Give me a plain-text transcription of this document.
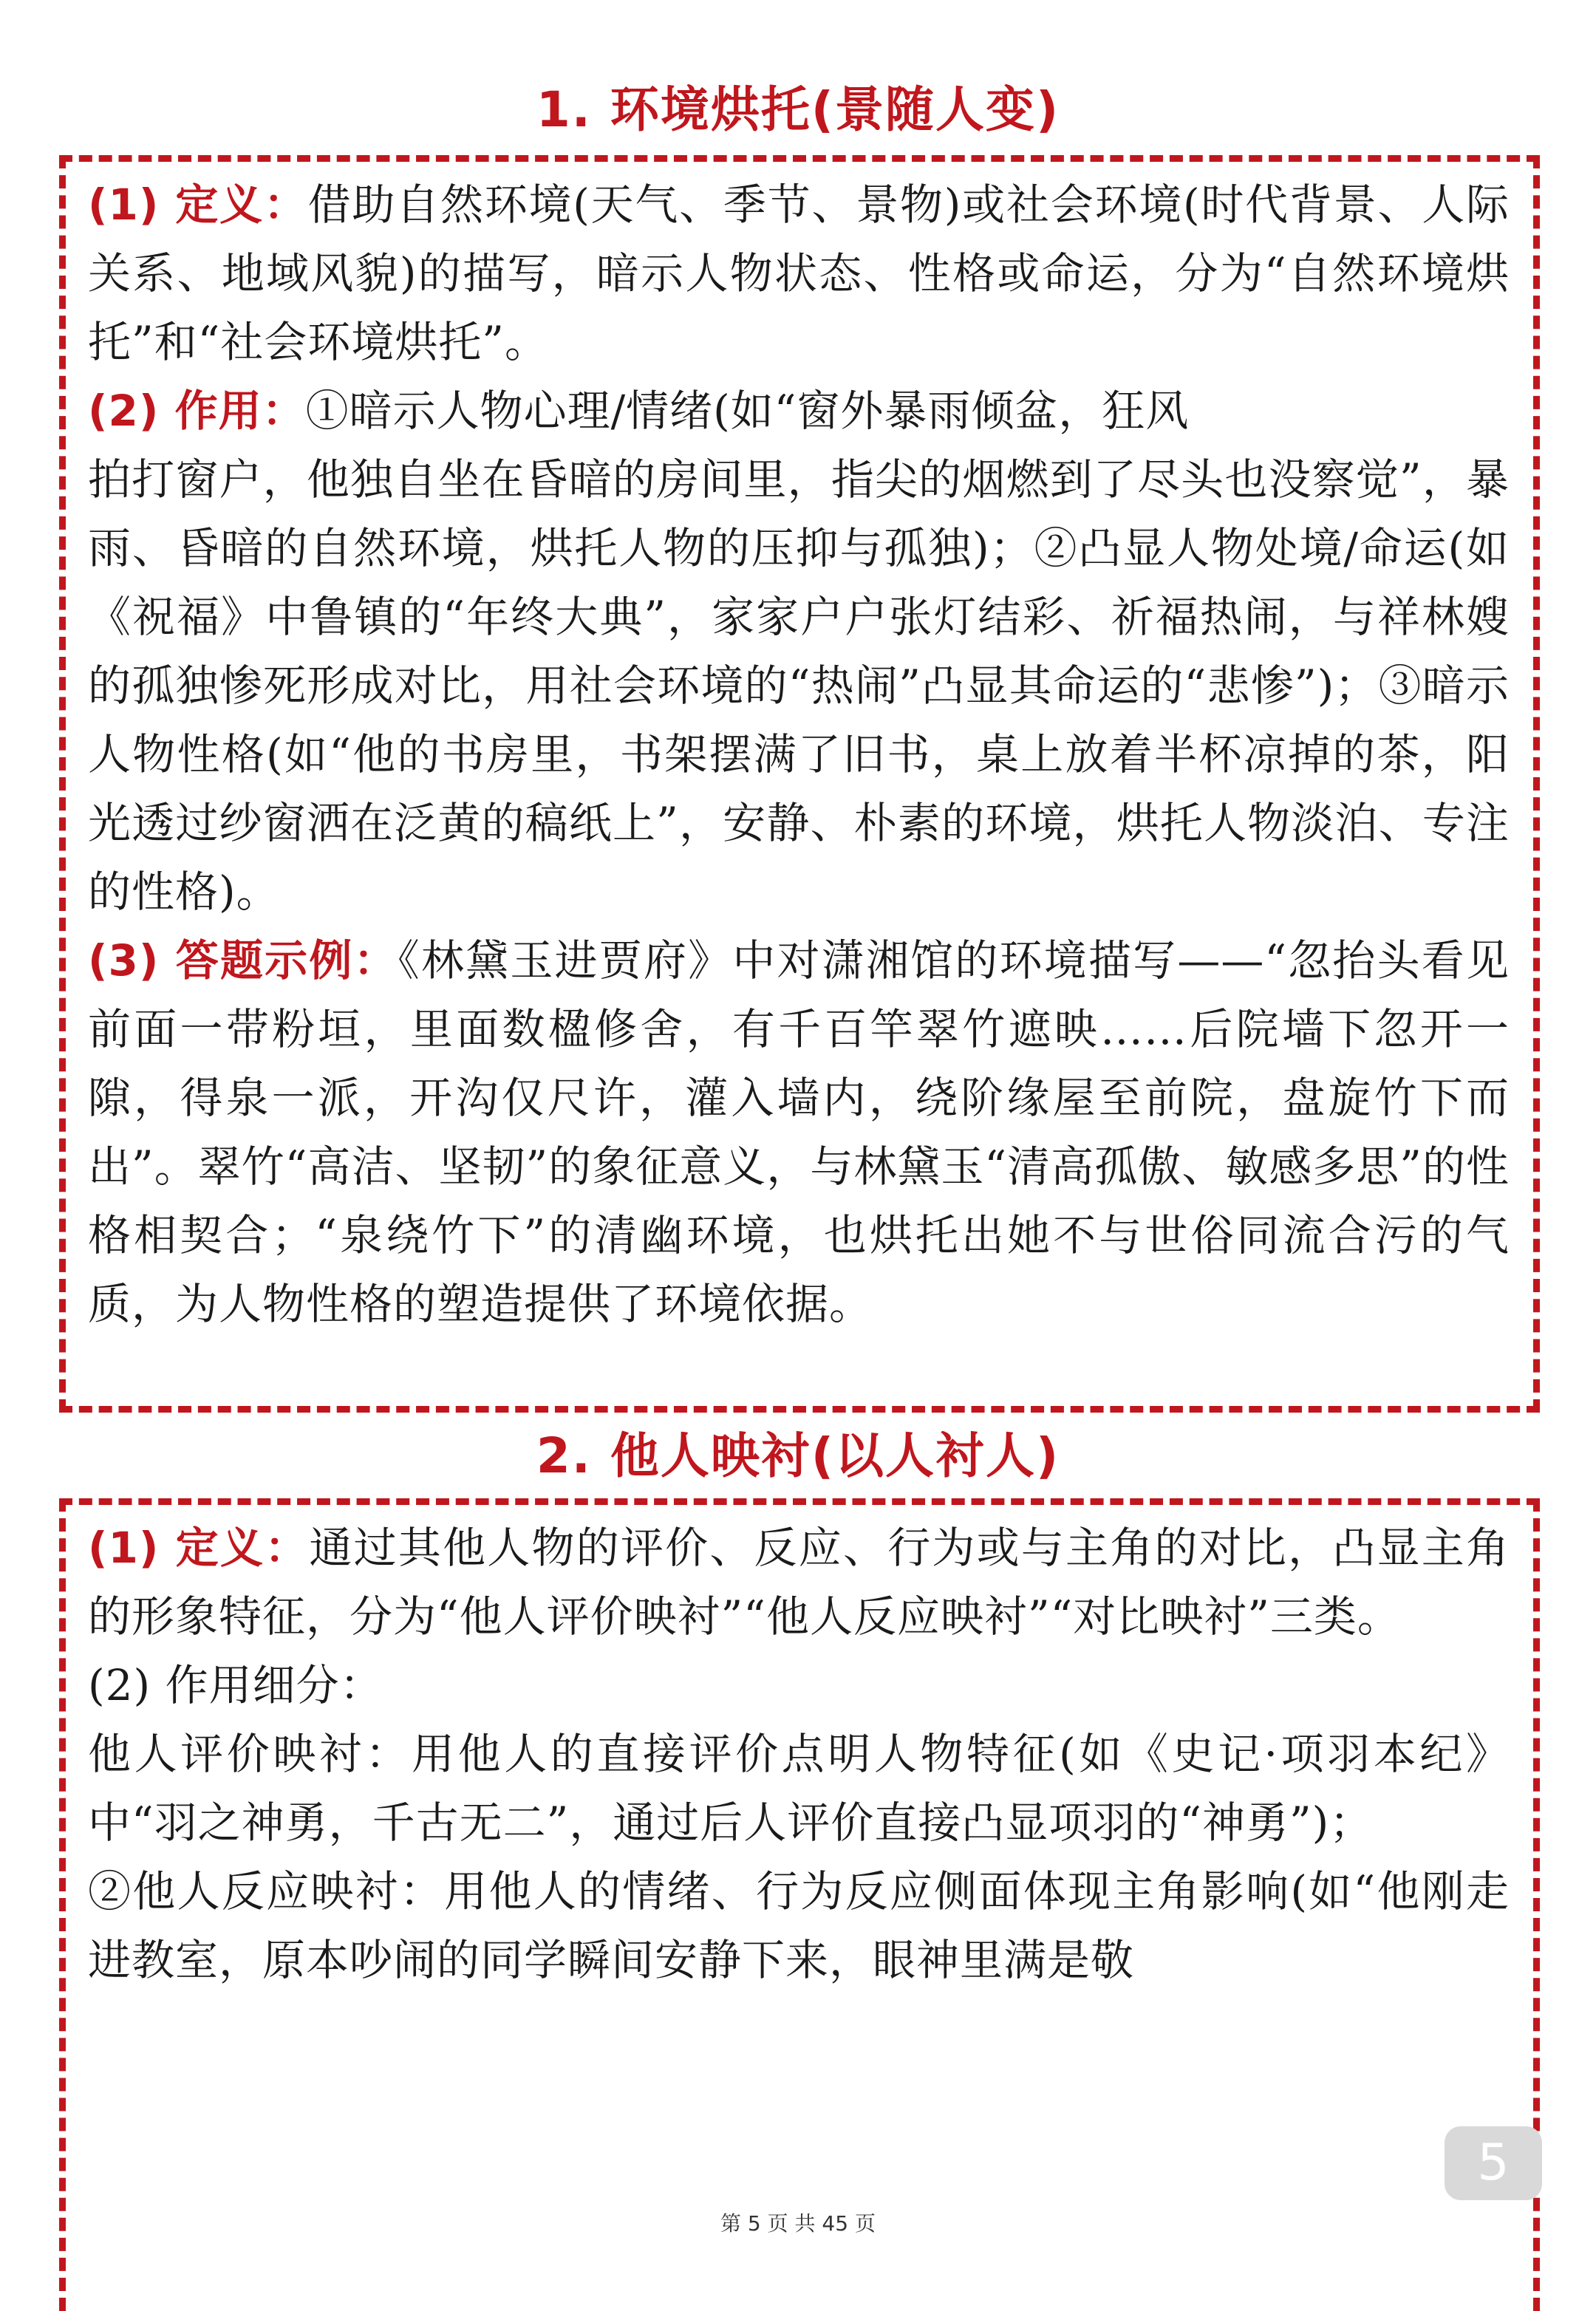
1. 环境烘托(景随人变)

(1) 定义：借助自然环境(天气、季节、景物)或社会环境(时代背景、人际关系、地域风貌)的描写，暗示人物状态、性格或命运，分为“自然环境烘托”和“社会环境烘托”。

(2) 作用：①暗示人物心理/情绪(如“窗外暴雨倾盆，狂风

拍打窗户，他独自坐在昏暗的房间里，指尖的烟燃到了尽头也没察觉”，暴雨、昏暗的自然环境，烘托人物的压抑与孤独)；②凸显人物处境/命运(如《祝福》中鲁镇的“年终大典”，家家户户张灯结彩、祈福热闹，与祥林嫂的孤独惨死形成对比，用社会环境的“热闹”凸显其命运的“悲惨”)；③暗示人物性格(如“他的书房里，书架摆满了旧书，桌上放着半杯凉掉的茶，阳光透过纱窗洒在泛黄的稿纸上”，安静、朴素的环境，烘托人物淡泊、专注的性格)。

(3) 答题示例：《林黛玉进贾府》中对潇湘馆的环境描写——“忽抬头看见前面一带粉垣，里面数楹修舍，有千百竿翠竹遮映……后院墙下忽开一隙，得泉一派，开沟仅尺许，灌入墙内，绕阶缘屋至前院，盘旋竹下而出”。翠竹“高洁、坚韧”的象征意义，与林黛玉“清高孤傲、敏感多思”的性格相契合；“泉绕竹下”的清幽环境，也烘托出她不与世俗同流合污的气质，为人物性格的塑造提供了环境依据。

2. 他人映衬(以人衬人)

(1) 定义：通过其他人物的评价、反应、行为或与主角的对比，凸显主角的形象特征，分为“他人评价映衬”“他人反应映衬”“对比映衬”三类。

(2) 作用细分：

他人评价映衬：用他人的直接评价点明人物特征(如《史记·项羽本纪》中“羽之神勇，千古无二”，通过后人评价直接凸显项羽的“神勇”)；

②他人反应映衬：用他人的情绪、行为反应侧面体现主角影响(如“他刚走进教室，原本吵闹的同学瞬间安静下来，眼神里满是敬

第 5 页 共 45 页
5
